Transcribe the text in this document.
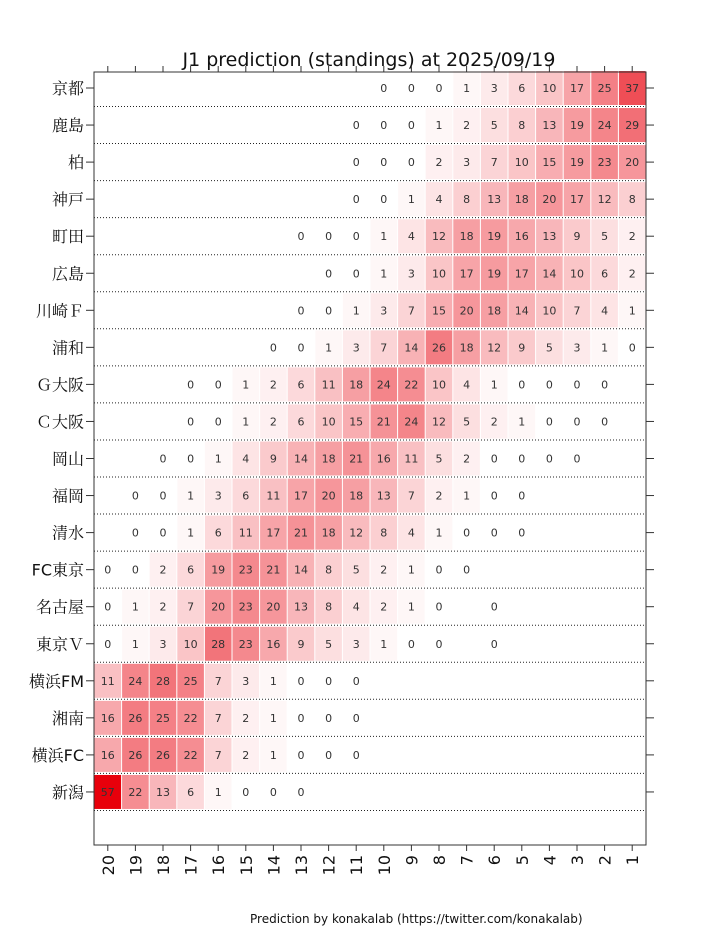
J1 prediction (standings) at 2025/09/19
0 0 0 1 3 6 10 17 25 37
0 0 0 1 2 5 8 13 19 24 29
0 0 0 2 3 7 10 15 19 23 20
0 0 1 4 8 13 18 20 17 12 8
0 0 0 1 4 12 18 19 16 13 9 5 2
0 0 1 3 10 17 19 17 14 10 6 2
0 0 1 3 7 15 20 18 14 10 7 4 1
0 0 1 3 7 14 26 18 12 9 5 3 1 0
0 0 1 2 6 11 18 24 22 10 4 1 0 0 0 0
0 0 1 2 6 10 15 21 24 12 5 2 1 0 0 0
0 0 1 4 9 14 18 21 16 11 5 2 0 0 0 0
0 0 1 3 6 11 17 20 18 13 7 2 1 0 0
0 0 1 6 11 17 21 18 12 8 4 1 0 0 0
0 0 2 6 19 23 21 14 8 5 2 1 0 0
0 1 2 7 20 23 20 13 8 4 2 1 0	0
0 1 3 10 28 23 16 9 5 3 1 0 0	0
11 24 28 25 7 3 1 0 0 0
16 26 25 22 7 2 1 0 0 0
16 26 26 22 7 2 1 0 0 0
57 22 13 6 1 0 0 0
京都
鹿島
柏
神戸
町田
広島
川崎Ｆ
浦和
Ｇ大阪
Ｃ大阪
岡山
福岡
清水
FC東京
名古屋
東京Ｖ
横浜FM
湘南
横浜FC
新潟
20 19 18 17 16 15 14 13 12 11 10 9 8 7 6 5 4 3 2 1
Prediction by konakalab (https://twitter.com/konakalab)
